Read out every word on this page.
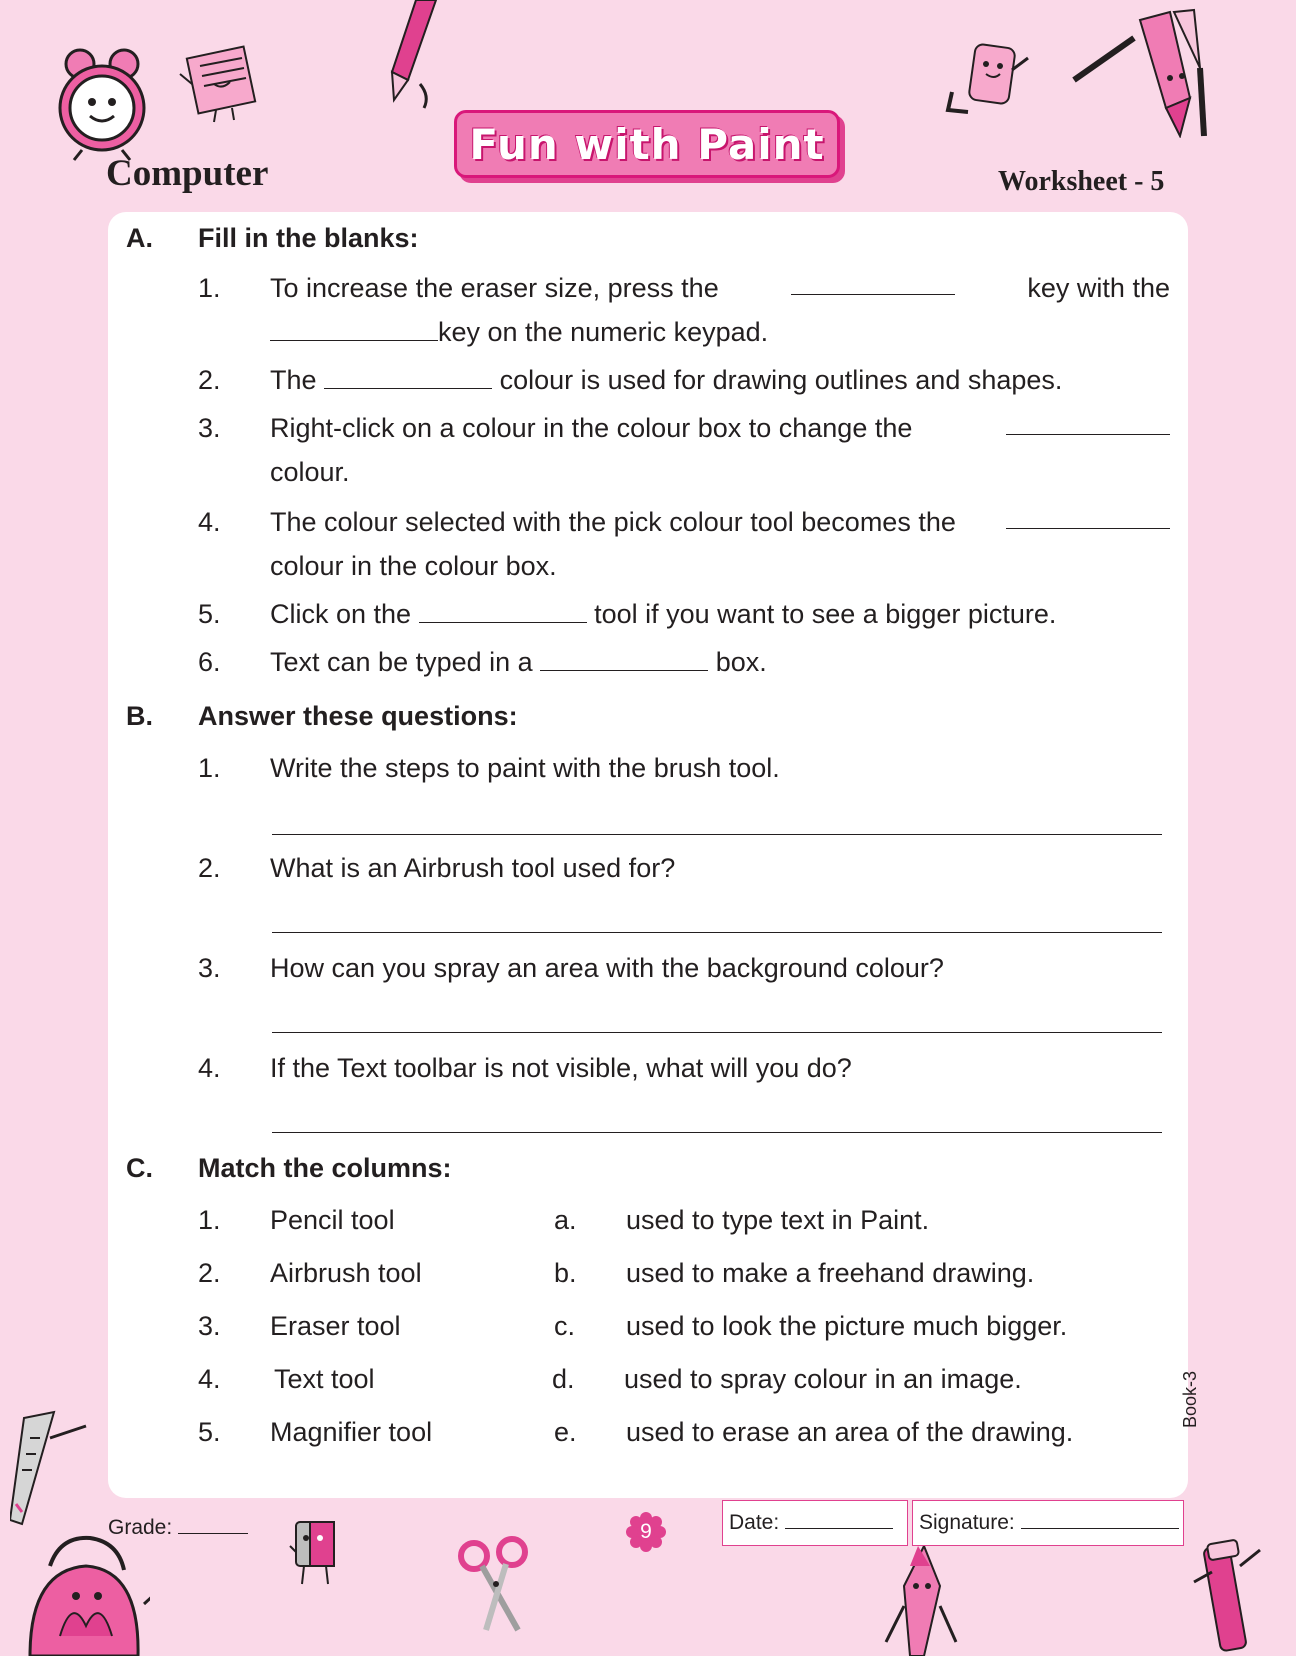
Computer
Fun with Paint
Worksheet - 5
A. Fill in the blanks:
1. To increase the eraser size, press the	key with the
key on the numeric keypad.
2. The	colour is used for drawing outlines and shapes.
3. Right-click on a colour in the colour box to change the
colour.
4. The colour selected with the pick colour tool becomes the
colour in the colour box.
5. Click on the	tool if you want to see a bigger picture.
6. Text can be typed in a	box.
B. Answer these questions:
1. Write the steps to paint with the brush tool.
2. What is an Airbrush tool used for?
3. How can you spray an area with the background colour?
4. If the Text toolbar is not visible, what will you do?
C. Match the columns:
1. Pencil tool	a. used to type text in Paint.
2. Airbrush tool	b. used to make a freehand drawing.
3. Eraser tool	c. used to look the picture much bigger.
4. Text tool	d. used to spray colour in an image.
5. Magnifier tool	e. used to erase an area of the drawing.
Book-3
Grade:	9	Date:	Signature:
